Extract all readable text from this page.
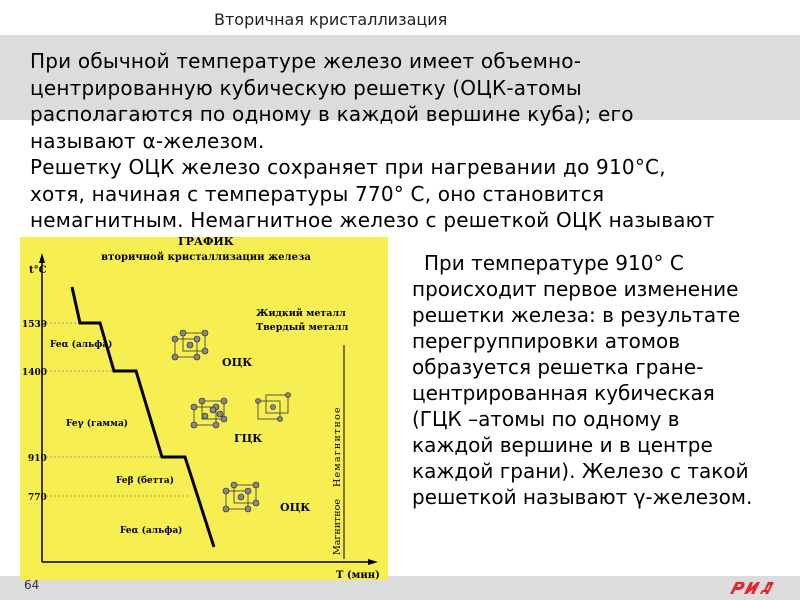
Вторичная кристаллизация

При обычной температуре железо имеет объемно-
центрированную кубическую решетку (ОЦК-атомы
располагаются по одному в каждой вершине куба); его
называют α-железом.
Решетку ОЦК железо сохраняет при нагревании до 910°С,
хотя, начиная с температуры 770° С, оно становится
немагнитным. Немагнитное железо с решеткой ОЦК называют

ГРАФИК
вторичной кристаллизации железа
t°C
T (мин)
1539
1400
910
770
Жидкий металл
Твердый металл
Feα (альфа)
Feγ (гамма)
Feβ (бетта)
Feα (альфа)
ОЦК
ГЦК
ОЦК
Немагнитное
Магнитное

При температуре 910° С
происходит первое изменение
решетки железа: в результате
перегруппировки атомов
образуется решетка гране-
центрированная кубическая
(ГЦК –атомы по одному в
каждой вершине и в центре
каждой грани). Железо с такой
решеткой называют γ-железом.

64
